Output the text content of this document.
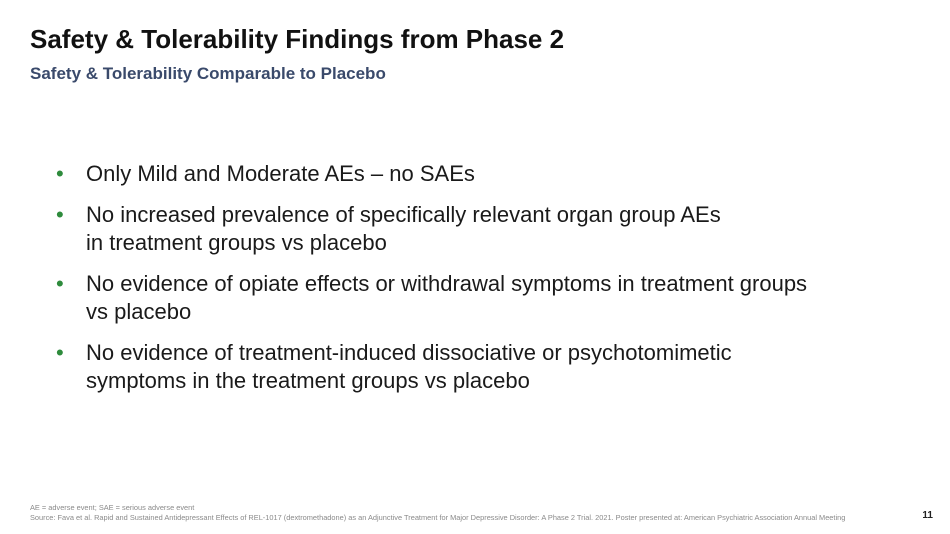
Safety & Tolerability Findings from Phase 2
Safety & Tolerability Comparable to Placebo
•	Only Mild and Moderate AEs – no SAEs
•	No increased prevalence of specifically relevant organ group AEs
in treatment groups vs placebo
•	No evidence of opiate effects or withdrawal symptoms in treatment groups
vs placebo
•	No evidence of treatment-induced dissociative or psychotomimetic
symptoms in the treatment groups vs placebo
AE = adverse event; SAE = serious adverse event
Source: Fava et al. Rapid and Sustained Antidepressant Effects of REL-1017 (dextromethadone) as an Adjunctive Treatment for Major Depressive Disorder: A Phase 2 Trial. 2021. Poster presented at: American Psychiatric Association Annual Meeting	11
